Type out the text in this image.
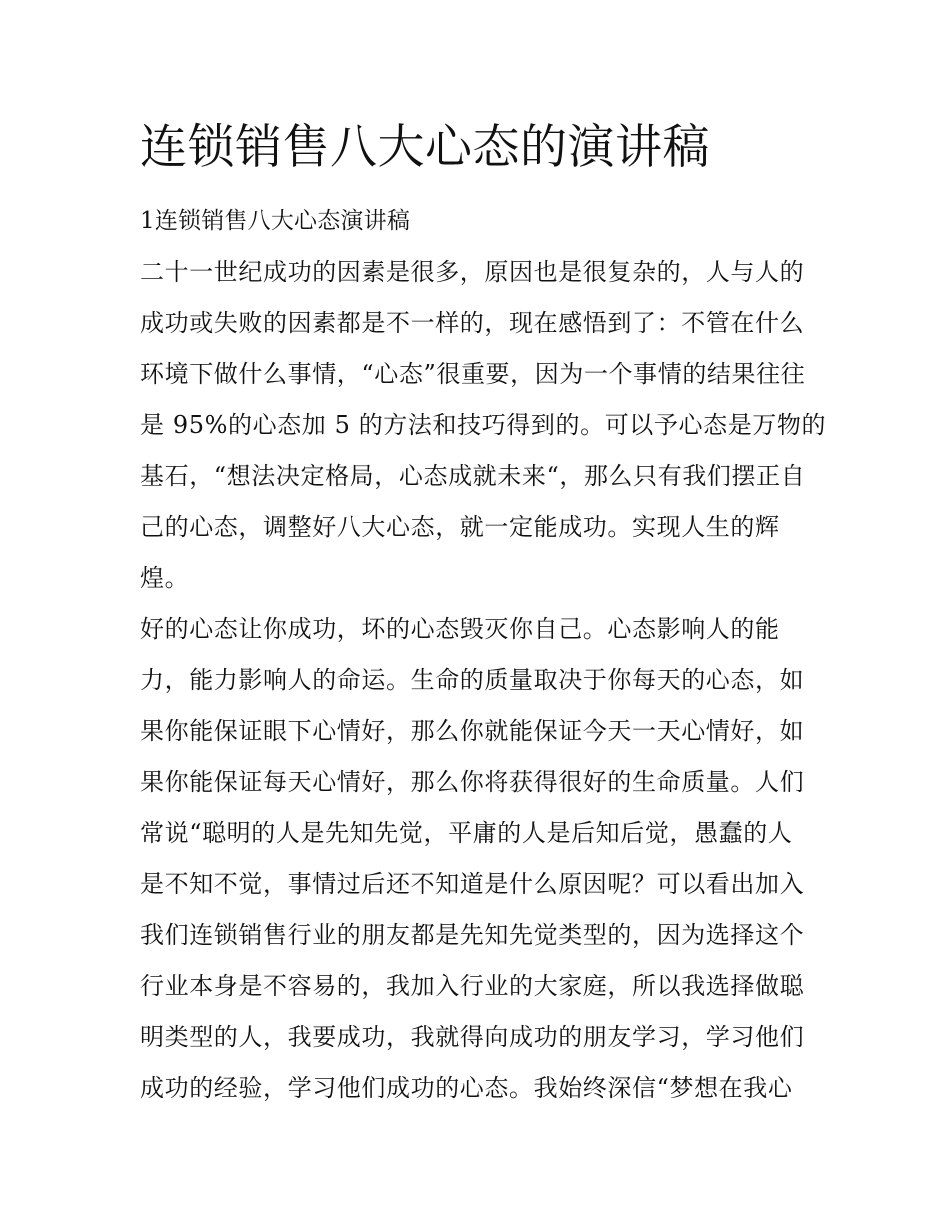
连锁销售八大心态的演讲稿

1连锁销售八大心态演讲稿

二十一世纪成功的因素是很多，原因也是很复杂的，人与人的

成功或失败的因素都是不一样的，现在感悟到了：不管在什么

环境下做什么事情，“心态”很重要，因为一个事情的结果往往

是 95%的心态加 5 的方法和技巧得到的。可以予心态是万物的

基石，“想法决定格局，心态成就未来“，那么只有我们摆正自

己的心态，调整好八大心态，就一定能成功。实现人生的辉

煌。

好的心态让你成功，坏的心态毁灭你自己。心态影响人的能

力，能力影响人的命运。生命的质量取决于你每天的心态，如

果你能保证眼下心情好，那么你就能保证今天一天心情好，如

果你能保证每天心情好，那么你将获得很好的生命质量。人们

常说“聪明的人是先知先觉，平庸的人是后知后觉，愚蠢的人

是不知不觉，事情过后还不知道是什么原因呢？可以看出加入

我们连锁销售行业的朋友都是先知先觉类型的，因为选择这个

行业本身是不容易的，我加入行业的大家庭，所以我选择做聪

明类型的人，我要成功，我就得向成功的朋友学习，学习他们

成功的经验，学习他们成功的心态。我始终深信“梦想在我心
